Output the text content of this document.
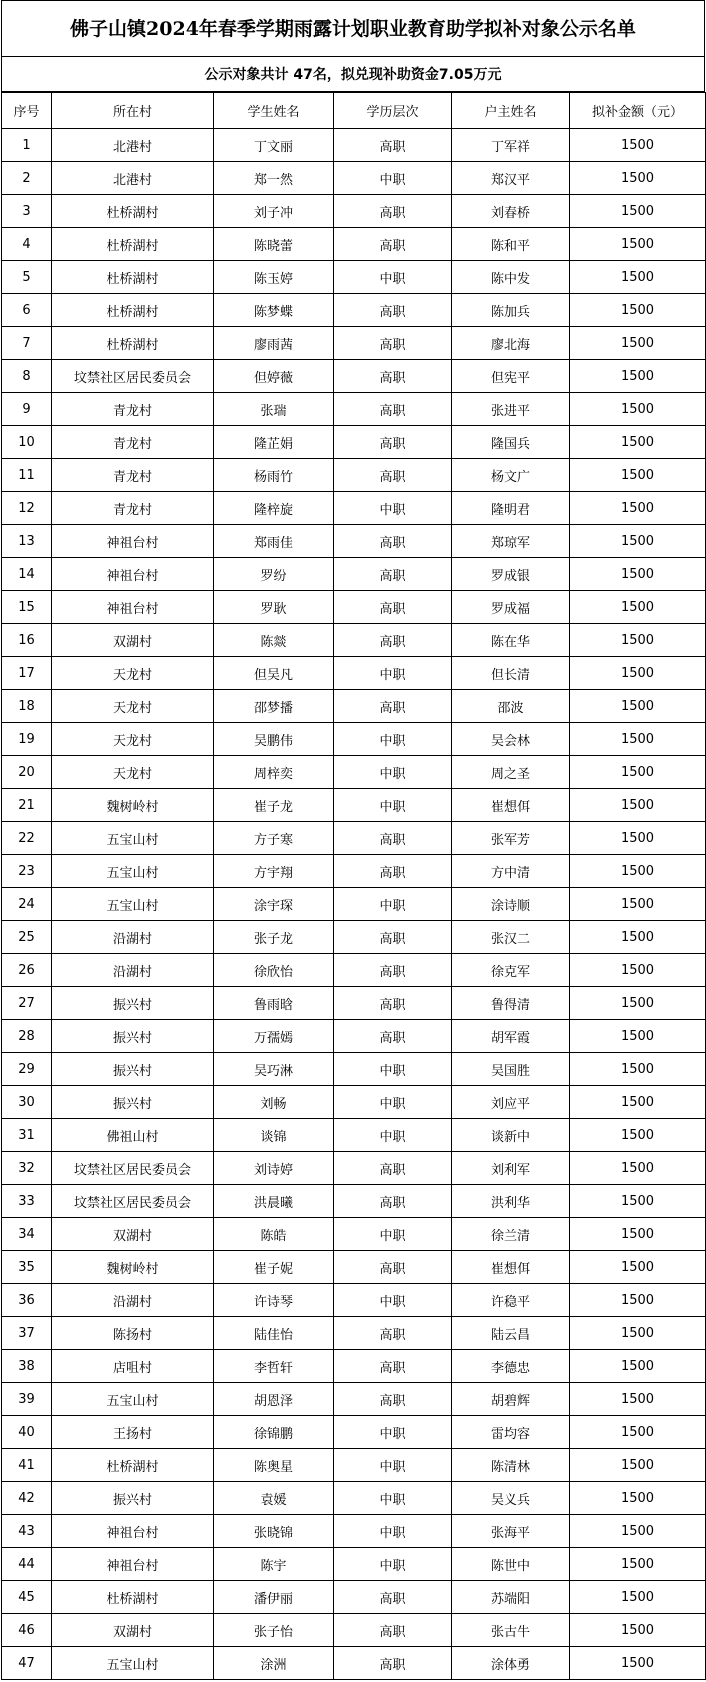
佛子山镇2024年春季学期雨露计划职业教育助学拟补对象公示名单
公示对象共计 47名，拟兑现补助资金7.05万元
序号	所在村	学生姓名	学历层次	户主姓名	拟补金额（元）
1	北港村	丁文丽	高职	丁军祥	1500
2	北港村	郑一然	中职	郑汉平	1500
3	杜桥湖村	刘子冲	高职	刘春桥	1500
4	杜桥湖村	陈晓蕾	高职	陈和平	1500
5	杜桥湖村	陈玉婷	中职	陈中发	1500
6	杜桥湖村	陈梦蝶	高职	陈加兵	1500
7	杜桥湖村	廖雨茜	高职	廖北海	1500
8	坟禁社区居民委员会	但婷薇	高职	但宪平	1500
9	青龙村	张瑞	高职	张进平	1500
10	青龙村	隆芷娟	高职	隆国兵	1500
11	青龙村	杨雨竹	高职	杨文广	1500
12	青龙村	隆梓旋	中职	隆明君	1500
13	神祖台村	郑雨佳	高职	郑琼军	1500
14	神祖台村	罗纷	高职	罗成银	1500
15	神祖台村	罗耿	高职	罗成福	1500
16	双湖村	陈燚	高职	陈在华	1500
17	天龙村	但吴凡	中职	但长清	1500
18	天龙村	邵梦播	高职	邵波	1500
19	天龙村	吴鹏伟	中职	吴会林	1500
20	天龙村	周梓奕	中职	周之圣	1500
21	魏树岭村	崔子龙	中职	崔想佴	1500
22	五宝山村	方子寒	高职	张军芳	1500
23	五宝山村	方宇翔	高职	方中清	1500
24	五宝山村	涂宇琛	中职	涂诗顺	1500
25	沿湖村	张子龙	高职	张汉二	1500
26	沿湖村	徐欣怡	高职	徐克军	1500
27	振兴村	鲁雨晗	高职	鲁得清	1500
28	振兴村	万孺嫣	高职	胡军霞	1500
29	振兴村	吴巧淋	中职	吴国胜	1500
30	振兴村	刘畅	中职	刘应平	1500
31	佛祖山村	谈锦	中职	谈新中	1500
32	坟禁社区居民委员会	刘诗婷	高职	刘利军	1500
33	坟禁社区居民委员会	洪晨曦	高职	洪利华	1500
34	双湖村	陈皓	中职	徐兰清	1500
35	魏树岭村	崔子妮	高职	崔想佴	1500
36	沿湖村	许诗琴	中职	许稳平	1500
37	陈扬村	陆佳怡	高职	陆云昌	1500
38	店咀村	李哲轩	高职	李德忠	1500
39	五宝山村	胡恩泽	高职	胡碧辉	1500
40	王扬村	徐锦鹏	中职	雷均容	1500
41	杜桥湖村	陈奥星	中职	陈清林	1500
42	振兴村	袁媛	中职	吴义兵	1500
43	神祖台村	张晓锦	中职	张海平	1500
44	神祖台村	陈宇	中职	陈世中	1500
45	杜桥湖村	潘伊丽	高职	苏端阳	1500
46	双湖村	张子怡	高职	张古牛	1500
47	五宝山村	涂洲	高职	涂体勇	1500
